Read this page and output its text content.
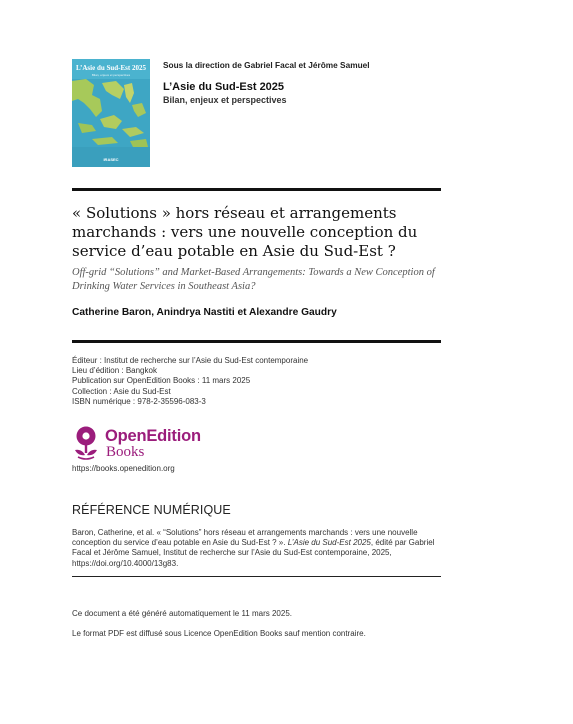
L’Asie du Sud-Est 2025
Bilan, enjeux et perspectives
IRASEC
Sous la direction de Gabriel Facal et Jérôme Samuel
L’Asie du Sud-Est 2025
Bilan, enjeux et perspectives
« Solutions » hors réseau et arrangements marchands : vers une nouvelle conception du service d’eau potable en Asie du Sud-Est ?
Off-grid “Solutions” and Market-Based Arrangements: Towards a New Conception of Drinking Water Services in Southeast Asia?
Catherine Baron, Anindrya Nastiti et Alexandre Gaudry
Éditeur : Institut de recherche sur l’Asie du Sud-Est contemporaine
Lieu d’édition : Bangkok
Publication sur OpenEdition Books : 11 mars 2025
Collection : Asie du Sud-Est
ISBN numérique : 978-2-35596-083-3
OpenEdition
Books
https://books.openedition.org
RÉFÉRENCE NUMÉRIQUE
Baron, Catherine, et al. « “Solutions” hors réseau et arrangements marchands : vers une nouvelle conception du service d’eau potable en Asie du Sud-Est ? ». L’Asie du Sud-Est 2025, édité par Gabriel Facal et Jérôme Samuel, Institut de recherche sur l’Asie du Sud-Est contemporaine, 2025, https://doi.org/10.4000/13g83.
Ce document a été généré automatiquement le 11 mars 2025.
Le format PDF est diffusé sous Licence OpenEdition Books sauf mention contraire.
